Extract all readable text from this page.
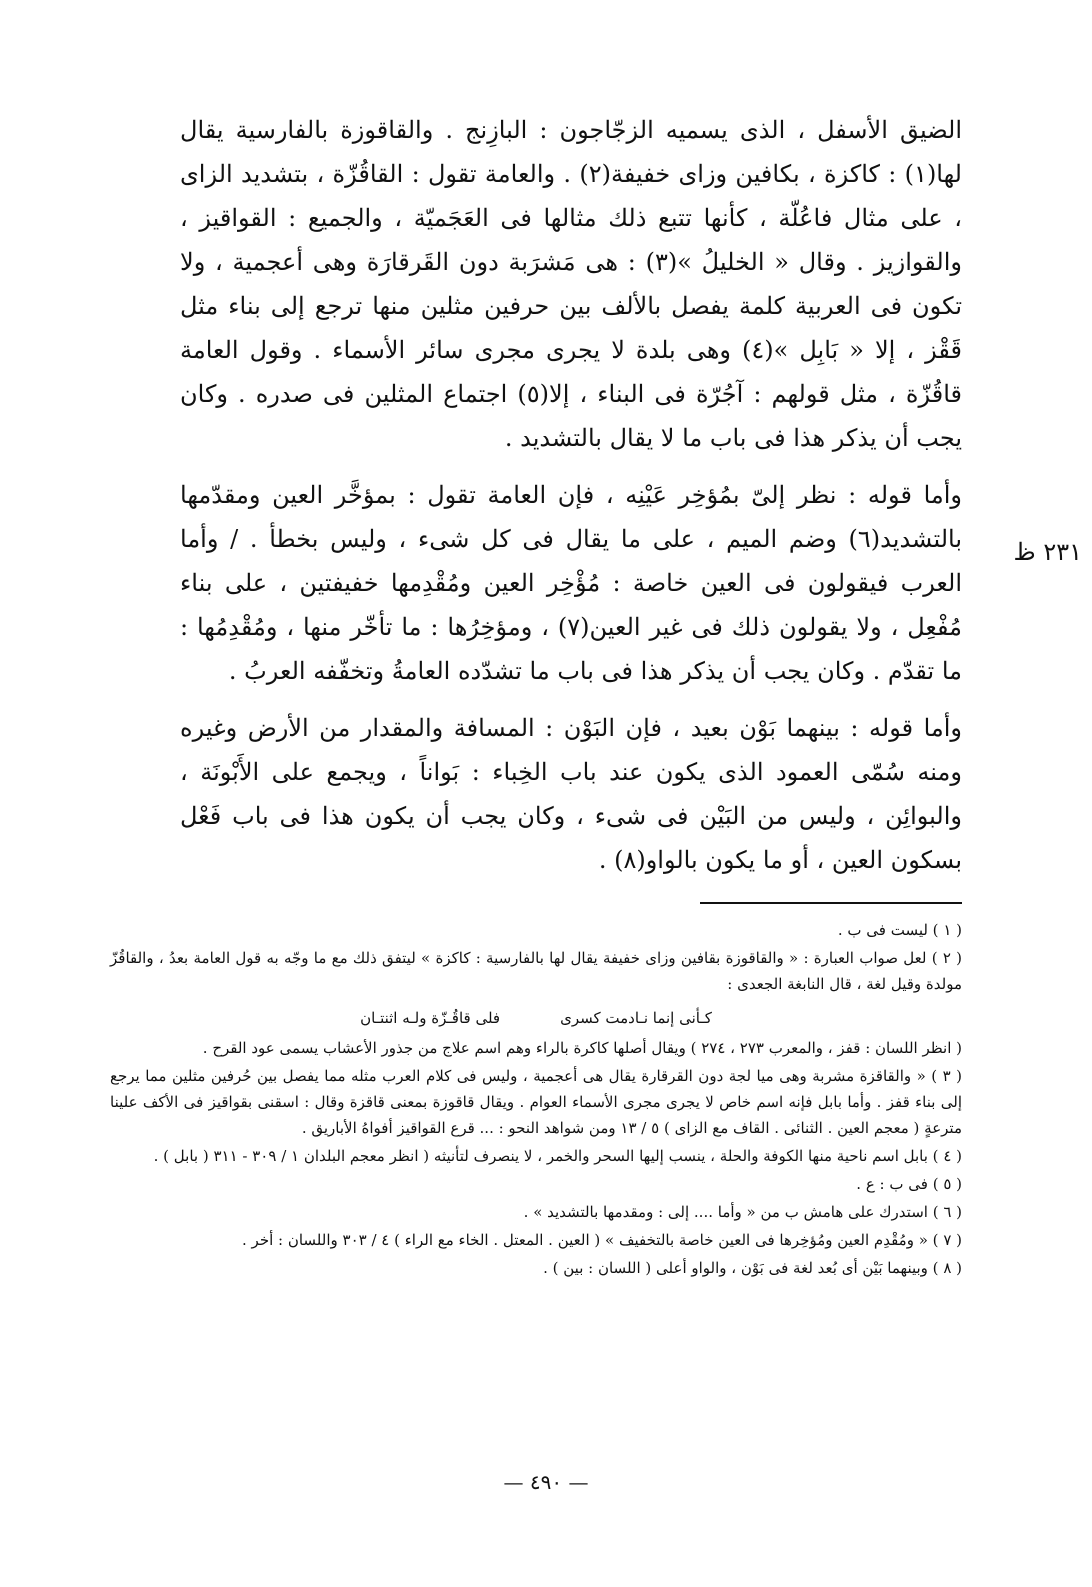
٢٣١ ظ

الضيق الأسفل ، الذى يسميه الزجّاجون : البازِنج . والقاقوزة بالفارسية يقال لها(١) : كاكزة ، بكافين وزاى خفيفة(٢) . والعامة تقول : القاقُزّة ، بتشديد الزاى ، على مثال فاعُلّة ، كأنها تتبع ذلك مثالها فى العَجَميّة ، والجميع : القواقيز ، والقوازيز . وقال « الخليلُ »(٣) : هى مَشرَبة دون القَرقارَة وهى أعجمية ، ولا تكون فى العربية كلمة يفصل بالألف بين حرفين مثلين منها ترجع إلى بناء مثل قَقْز ، إلا « بَابِل »(٤) وهى بلدة لا يجرى مجرى سائر الأسماء . وقول العامة قاقُزّة ، مثل قولهم : آجُرّة فى البناء ، إلا(٥) اجتماع المثلين فى صدره . وكان يجب أن يذكر هذا فى باب ما لا يقال بالتشديد .

وأما قوله : نظر إلىّ بمُؤخِر عَيْنِه ، فإن العامة تقول : بمؤخَّر العين ومقدّمها بالتشديد(٦) وضم الميم ، على ما يقال فى كل شىء ، وليس بخطأ . / وأما العرب فيقولون فى العين خاصة : مُؤْخِر العين ومُقْدِمها خفيفتين ، على بناء مُفْعِل ، ولا يقولون ذلك فى غير العين(٧) ، ومؤخِرُها : ما تأخّر منها ، ومُقْدِمُها : ما تقدّم . وكان يجب أن يذكر هذا فى باب ما تشدّده العامةُ وتخفّفه العربُ .

وأما قوله : بينهما بَوْن بعيد ، فإن البَوْن : المسافة والمقدار من الأرض وغيره ومنه سُمّى العمود الذى يكون عند باب الخِباء : بَواناً ، ويجمع على الأَبْونَة ، والبوائِن ، وليس من البَيْن فى شىء ، وكان يجب أن يكون هذا فى باب فَعْل بسكون العين ، أو ما يكون بالواو(٨) .

( ١ ) ليست فى ب .

( ٢ ) لعل صواب العبارة : « والقاقوزة بقافين وزاى خفيفة يقال لها بالفارسية : كاكزة » ليتفق ذلك مع ما وجّه به قول العامة بعدُ ، والقاقُزّ مولدة وقيل لغة ، قال النابغة الجعدى :

كـأنى إنما نـادمت كسرى
فلى قاقُـزّة ولـه اثنتـان

( انظر اللسان : قفز ، والمعرب ٢٧٣ ، ٢٧٤ ) ويقال أصلها كاكرة بالراء وهم اسم علاج من جذور الأعشاب يسمى عود القرح .

( ٣ ) « والقاقزة مشربة وهى ميا لجة دون القرقارة يقال هى أعجمية ، وليس فى كلام العرب مثله مما يفصل بين حُرفين مثلين مما يرجع إلى بناء قفز . وأما بابل فإنه اسم خاص لا يجرى مجرى الأسماء العوام . ويقال قاقوزة بمعنى قاقزة وقال : اسقنى بقواقيز فى الأكف علينا مترعةٍ ( معجم العين . الثنائى . القاف مع الزاى ) ٥ / ١٣ ومن شواهد النحو : ... قرع القواقيز أفواهُ الأباريق .

( ٤ ) بابل اسم ناحية منها الكوفة والحلة ، ينسب إليها السحر والخمر ، لا ينصرف لتأنيثه ( انظر معجم البلدان ١ / ٣٠٩ - ٣١١ ( بابل ) .

( ٥ ) فى ب : ع .

( ٦ ) استدرك على هامش ب من « وأما .... إلى : ومقدمها بالتشديد » .

( ٧ ) « ومُقْدِم العين ومُؤخِرها فى العين خاصة بالتخفيف » ( العين . المعتل . الخاء مع الراء ) ٤ / ٣٠٣ واللسان : أخر .

( ٨ ) وبينهما بَيْن أى بُعد لغة فى بَوْن ، والواو أعلى ( اللسان : بين ) .

— ٤٩٠ —
